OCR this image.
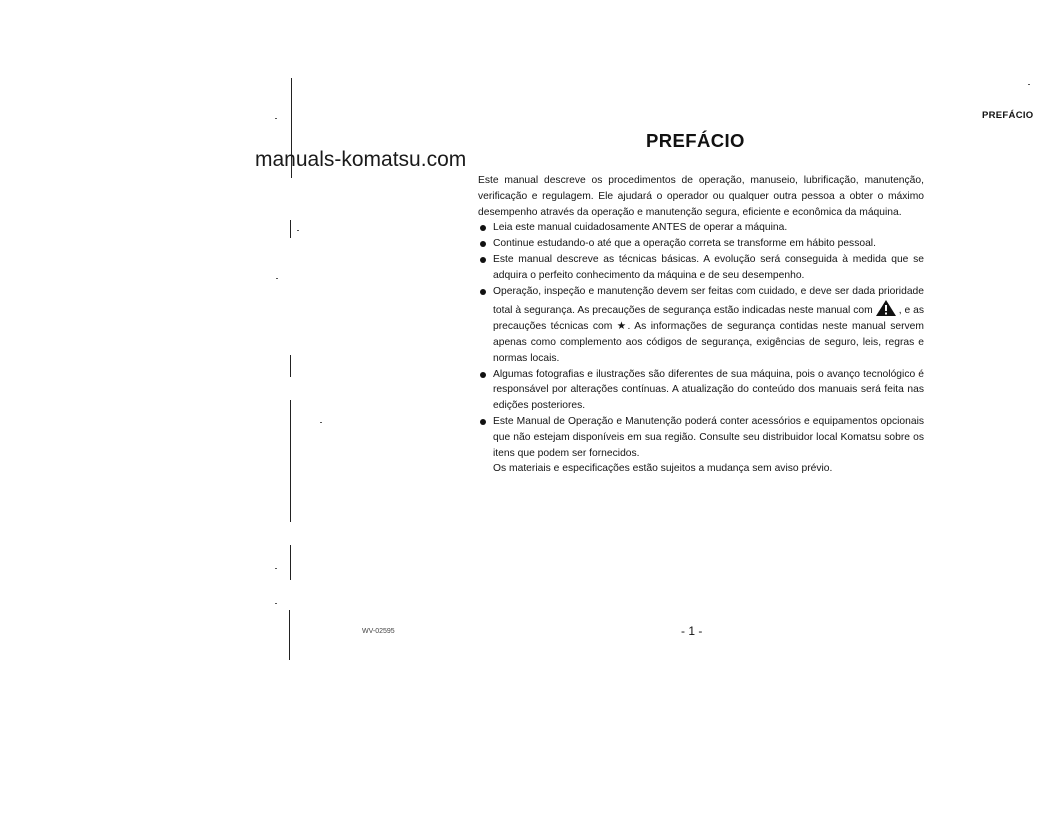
PREFÁCIO
manuals-komatsu.com
PREFÁCIO
Este manual descreve os procedimentos de operação, manuseio, lubrificação, manutenção, verificação e regulagem. Ele ajudará o operador ou qualquer outra pessoa a obter o máximo desempenho através da operação e manutenção segura, eficiente e econômica da máquina.
Leia este manual cuidadosamente ANTES de operar a máquina.
Continue estudando-o até que a operação correta se transforme em hábito pessoal.
Este manual descreve as técnicas básicas. A evolução será conseguida à medida que se adquira o perfeito conhecimento da máquina e de seu desempenho.
Operação, inspeção e manutenção devem ser feitas com cuidado, e deve ser dada prioridade total à segurança. As precauções de segurança estão indicadas neste manual com	, e as precauções técnicas com ★. As informações de segurança contidas neste manual servem apenas como complemento aos códigos de segurança, exigências de seguro, leis, regras e normas locais.
Algumas fotografias e ilustrações são diferentes de sua máquina, pois o avanço tecnológico é responsável por alterações contínuas. A atualização do conteúdo dos manuais será feita nas edições posteriores.
Este Manual de Operação e Manutenção poderá conter acessórios e equipamentos opcionais que não estejam disponíveis em sua região. Consulte seu distribuidor local Komatsu sobre os itens que podem ser fornecidos.
Os materiais e especificações estão sujeitos a mudança sem aviso prévio.
WV-02595	- 1 -
